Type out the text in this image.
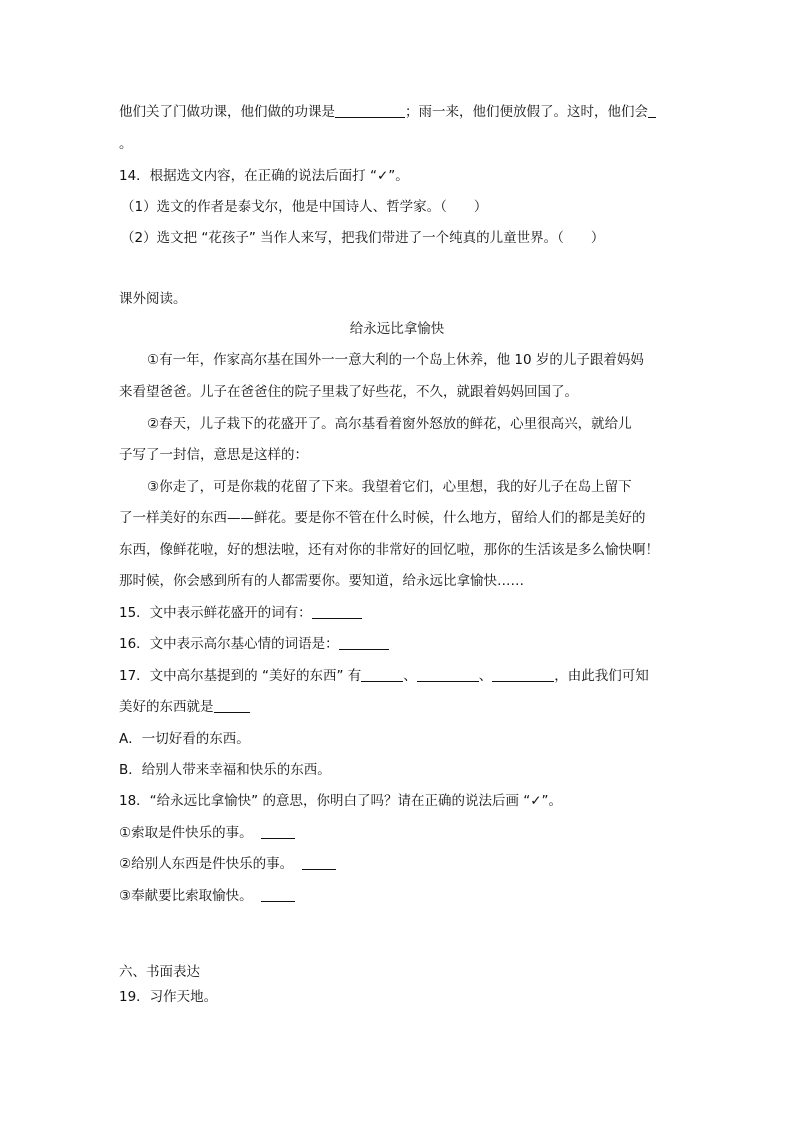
他们关了门做功课，他们做的功课是	；雨一来，他们便放假了。这时，他们会
。
14．根据选文内容，在正确的说法后面打 “✓”。
（1）选文的作者是泰戈尔，他是中国诗人、哲学家。（　　）
（2）选文把 “花孩子” 当作人来写，把我们带进了一个纯真的儿童世界。（　　）
课外阅读。
给永远比拿愉快
①有一年，作家高尔基在国外一一意大利的一个岛上休养，他 10 岁的儿子跟着妈妈
来看望爸爸。儿子在爸爸住的院子里栽了好些花，不久，就跟着妈妈回国了。
②春天，儿子栽下的花盛开了。高尔基看着窗外怒放的鲜花，心里很高兴，就给儿
子写了一封信，意思是这样的：
③你走了，可是你栽的花留了下来。我望着它们，心里想，我的好儿子在岛上留下
了一样美好的东西——鲜花。要是你不管在什么时候，什么地方，留给人们的都是美好的
东西，像鲜花啦，好的想法啦，还有对你的非常好的回忆啦，那你的生活该是多么愉快啊！
那时候，你会感到所有的人都需要你。要知道，给永远比拿愉快……
15．文中表示鲜花盛开的词有：
16．文中表示高尔基心情的词语是：
17．文中高尔基提到的 “美好的东西” 有	、	、	，由此我们可知
美好的东西就是
A．一切好看的东西。
B．给别人带来幸福和快乐的东西。
18．“给永远比拿愉快” 的意思，你明白了吗？请在正确的说法后画 “✓”。
①索取是件快乐的事。
②给别人东西是件快乐的事。
③奉献要比索取愉快。
六、书面表达
19．习作天地。
